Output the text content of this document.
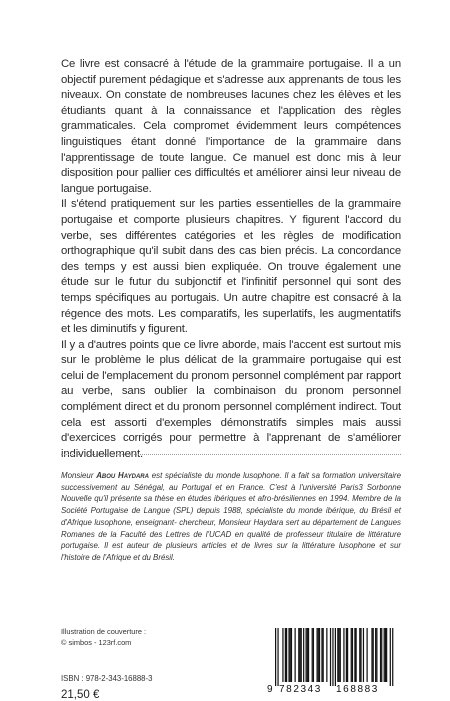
Ce livre est consacré à l'étude de la grammaire portugaise. Il a un objectif purement pédagique et s'adresse aux apprenants de tous les niveaux. On constate de nombreuses lacunes chez les élèves et les étudiants quant à la connaissance et l'application des règles grammaticales. Cela compromet évidemment leurs compétences linguistiques étant donné l'importance de la grammaire dans l'apprentissage de toute langue. Ce manuel est donc mis à leur disposition pour pallier ces difficultés et améliorer ainsi leur niveau de langue portugaise.

Il s'étend pratiquement sur les parties essentielles de la grammaire portugaise et comporte plusieurs chapitres. Y figurent l'accord du verbe, ses différentes catégories et les règles de modification orthographique qu'il subit dans des cas bien précis. La concordance des temps y est aussi bien expliquée. On trouve également une étude sur le futur du subjonctif et l'infinitif personnel qui sont des temps spécifiques au portugais. Un autre chapitre est consacré à la régence des mots. Les comparatifs, les superlatifs, les augmentatifs et les diminutifs y figurent.

Il y a d'autres points que ce livre aborde, mais l'accent est surtout mis sur le problème le plus délicat de la grammaire portugaise qui est celui de l'emplacement du pronom personnel complément par rapport au verbe, sans oublier la combinaison du pronom personnel complément direct et du pronom personnel complément indirect. Tout cela est assorti d'exemples démonstratifs simples mais aussi d'exercices corrigés pour permettre à l'apprenant de s'améliorer individuellement.

Monsieur Abou Haydara est spécialiste du monde lusophone. Il a fait sa formation universitaire successivement au Sénégal, au Portugal et en France. C'est à l'université Paris3 Sorbonne Nouvelle qu'il présente sa thèse en études ibériques et afro-brésiliennes en 1994. Membre de la Société Portugaise de Langue (SPL) depuis 1988, spécialiste du monde ibérique, du Brésil et d'Afrique lusophone, enseignant- chercheur, Monsieur Haydara sert au département de Langues Romanes de la Faculté des Lettres de l'UCAD en qualité de professeur titulaire de littérature portugaise. Il est auteur de plusieurs articles et de livres sur la littérature lusophone et sur l'histoire de l'Afrique et du Brésil.
Illustration de couverture :
© simbos - 123rf.com
ISBN : 978-2-343-16888-3
21,50 €	9 782343 168883
